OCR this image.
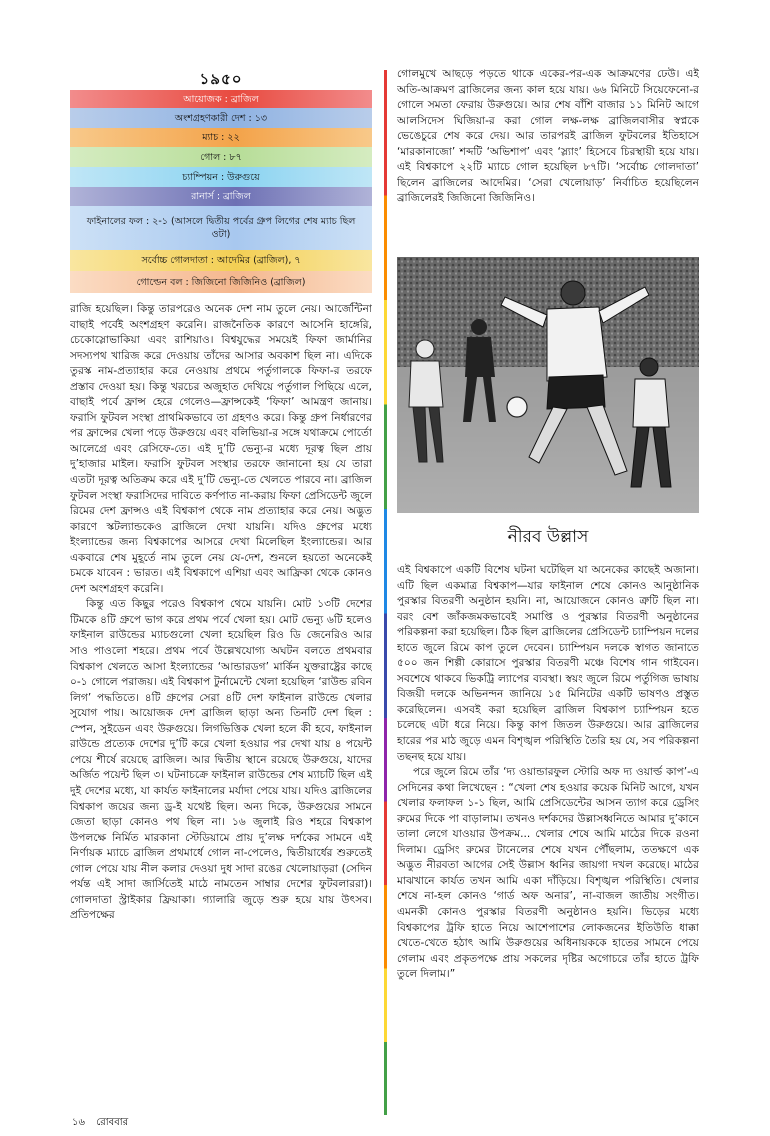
১৯৫০
আয়োজক : ব্রাজিল
অংশগ্রহণকারী দেশ : ১৩
ম্যাচ : ২২
গোল : ৮৭
চ্যাম্পিয়ন : উরুগুয়ে
রানার্স : ব্রাজিল
ফাইনালের ফল : ২-১ (আসলে দ্বিতীয় পর্বের গ্রুপ লিগের শেষ ম্যাচ ছিল ওটা)
সর্বোচ্চ গোলদাতা : আদেমির (ব্রাজিল), ৭
গোল্ডেন বল : জিজিনো জিজিনিও (ব্রাজিল)

রাজি হয়েছিল। কিন্তু তারপরেও অনেক দেশ নাম তুলে নেয়। আর্জেন্টিনা বাছাই পর্বেই অংশগ্রহণ করেনি। রাজনৈতিক কারণে আসেনি হাঙ্গেরি, চেকোস্লোভাকিয়া এবং রাশিয়াও। বিশ্বযুদ্ধের সময়েই ফিফা জার্মানির সদস্যপথ খারিজ করে দেওয়ায় তাঁদের আসার অবকাশ ছিল না। এদিকে তুরস্ক নাম-প্রত্যাহার করে নেওয়ায় প্রথমে পর্তুগালকে ফিফা-র তরফে প্রস্তাব দেওয়া হয়। কিন্তু খরচের অজুহাত দেখিয়ে পর্তুগাল পিছিয়ে এলে, বাছাই পর্বে ফ্রান্স হেরে গেলেও—ফ্রান্সকেই ‘ফিফা’ আমন্ত্রণ জানায়। ফরাসি ফুটবল সংস্থা প্রাথমিকভাবে তা গ্রহণও করে। কিন্তু গ্রুপ নির্ধারণের পর ফ্রান্সের খেলা পড়ে উরুগুয়ে এবং বলিভিয়া-র সঙ্গে যথাক্রমে পোর্তো আলেগ্রে এবং রেসিফে-তে। এই দু’টি ভেন্যু-র মধ্যে দূরত্ব ছিল প্রায় দু’হাজার মাইল। ফরাসি ফুটবল সংস্থার তরফে জানানো হয় যে তারা এতটা দূরত্ব অতিক্রম করে এই দু’টি ভেন্যু-তে খেলতে পারবে না। ব্রাজিল ফুটবল সংস্থা ফরাসিদের দাবিতে কর্ণপাত না-করায় ফিফা প্রেসিডেন্ট জুলে রিমের দেশ ফ্রান্সও এই বিশ্বকাপ থেকে নাম প্রত্যাহার করে নেয়। অদ্ভুত কারণে স্কটল্যান্ডকেও ব্রাজিলে দেখা যায়নি। যদিও গ্রুপের মধ্যে ইংল্যান্ডের জন্য বিশ্বকাপের আসরে দেখা মিলেছিল ইংল্যান্ডের। আর একবারে শেষ মুহূর্তে নাম তুলে নেয় যে-দেশ, শুনলে হয়তো অনেকেই চমকে যাবেন : ভারত। এই বিশ্বকাপে এশিয়া এবং আফ্রিকা থেকে কোনও দেশ অংশগ্রহণ করেনি।

কিন্তু এত কিছুর পরেও বিশ্বকাপ থেমে যায়নি। মোট ১৩টি দেশের টিমকে ৪টি গ্রুপে ভাগ করে প্রথম পর্বে খেলা হয়। মোট ভেন্যু ৬টি হলেও ফাইনাল রাউন্ডের ম্যাচগুলো খেলা হয়েছিল রিও ডি জেনেরিও আর সাও পাওলো শহরে। প্রথম পর্বে উল্লেখযোগ্য অঘটন বলতে প্রথমবার বিশ্বকাপ খেলতে আসা ইংল্যান্ডের ‘আন্ডারডগ’ মার্কিন যুক্তরাষ্ট্রের কাছে ০-১ গোলে পরাজয়। এই বিশ্বকাপ টুর্নামেন্টে খেলা হয়েছিল ‘রাউন্ড রবিন লিগ’ পদ্ধতিতে। ৪টি গ্রুপের সেরা ৪টি দেশ ফাইনাল রাউন্ডে খেলার সুযোগ পায়। আয়োজক দেশ ব্রাজিল ছাড়া অন্য তিনটি দেশ ছিল : স্পেন, সুইডেন এবং উরুগুয়ে। লিগভিত্তিক খেলা হলে কী হবে, ফাইনাল রাউন্ডে প্রত্যেক দেশের দু’টি করে খেলা হওয়ার পর দেখা যায় ৪ পয়েন্ট পেয়ে শীর্ষে রয়েছে ব্রাজিল। আর দ্বিতীয় স্থানে রয়েছে উরুগুয়ে, যাদের অর্জিত পয়েন্ট ছিল ৩। ঘটনাচক্রে ফাইনাল রাউন্ডের শেষ ম্যাচটি ছিল এই দুই দেশের মধ্যে, যা কার্যত ফাইনালের মর্যাদা পেয়ে যায়। যদিও ব্রাজিলের বিশ্বকাপ জয়ের জন্য ড্র-ই যথেষ্ট ছিল। অন্য দিকে, উরুগুয়ের সামনে জেতা ছাড়া কোনও পথ ছিল না। ১৬ জুলাই রিও শহরে বিশ্বকাপ উপলক্ষে নির্মিত মারকানা স্টেডিয়ামে প্রায় দু’লক্ষ দর্শকের সামনে এই নির্ণায়ক ম্যাচে ব্রাজিল প্রথমার্ধে গোল না-পেলেও, দ্বিতীয়ার্ধের শুরুতেই গোল পেয়ে যায় নীল কলার দেওয়া দুধ সাদা রঙের খেলোয়াড়রা (সেদিন পর্যন্ত এই সাদা জার্সিতেই মাঠে নামতেন সাম্বার দেশের ফুটবলাররা)। গোলদাতা স্ট্রাইকার ফ্রিয়াকা। গ্যালারি জুড়ে শুরু হয়ে যায় উৎসব। প্রতিপক্ষের

গোলমুখে আছড়ে পড়তে থাকে একের-পর-এক আক্রমণের ঢেউ। এই অতি-আক্রমণ ব্রাজিলের জন্য কাল হয়ে যায়। ৬৬ মিনিটে সিয়েফেনো-র গোলে সমতা ফেরায় উরুগুয়ে। আর শেষ বাঁশি বাজার ১১ মিনিট আগে আলসিদেস ঘিজিয়া-র করা গোল লক্ষ-লক্ষ ব্রাজিলবাসীর স্বপ্নকে ভেঙেচুরে শেষ করে দেয়। আর তারপরই ব্রাজিল ফুটবলের ইতিহাসে ‘মারকানাজো’ শব্দটি ‘অভিশাপ’ এবং ‘স্ল্যাং’ হিসেবে চিরস্থায়ী হয়ে যায়। এই বিশ্বকাপে ২২টি ম্যাচে গোল হয়েছিল ৮৭টি। ‘সর্বোচ্চ গোলদাতা’ ছিলেন ব্রাজিলের আদেমির। ‘সেরা খেলোয়াড়’ নির্বাচিত হয়েছিলেন ব্রাজিলেরই জিজিনো জিজিনিও।

নীরব উল্লাস

এই বিশ্বকাপে একটি বিশেষ ঘটনা ঘটেছিল যা অনেকের কাছেই অজানা। এটি ছিল একমাত্র বিশ্বকাপ—যার ফাইনাল শেষে কোনও আনুষ্ঠানিক পুরস্কার বিতরণী অনুষ্ঠান হয়নি। না, আয়োজনে কোনও ত্রুটি ছিল না। বরং বেশ জাঁকজমকভাবেই সমাপ্তি ও পুরস্কার বিতরণী অনুষ্ঠানের পরিকল্পনা করা হয়েছিল। ঠিক ছিল ব্রাজিলের প্রেসিডেন্ট চ্যাম্পিয়ন দলের হাতে জুলে রিমে কাপ তুলে দেবেন। চ্যাম্পিয়ন দলকে স্বাগত জানাতে ৫০০ জন শিল্পী কোরাসে পুরস্কার বিতরণী মঞ্চে বিশেষ গান গাইবেন। সবশেষে থাকবে ভিকট্রি ল্যাপের ব্যবস্থা। স্বয়ং জুলে রিমে পর্তুগিজ ভাষায় বিজয়ী দলকে অভিনন্দন জানিয়ে ১৫ মিনিটের একটি ভাষণও প্রস্তুত করেছিলেন। এসবই করা হয়েছিল ব্রাজিল বিশ্বকাপ চ্যাম্পিয়ন হতে চলেছে এটা ধরে নিয়ে। কিন্তু কাপ জিতল উরুগুয়ে। আর ব্রাজিলের হারের পর মাঠ জুড়ে এমন বিশৃঙ্খল পরিস্থিতি তৈরি হয় যে, সব পরিকল্পনা তছনছ হয়ে যায়।

পরে জুলে রিমে তাঁর ‘দ্য ওয়ান্ডারফুল স্টোরি অফ দ্য ওয়ার্ল্ড কাপ’-এ সেদিনের কথা লিখেছেন : “খেলা শেষ হওয়ার কয়েক মিনিট আগে, যখন খেলার ফলাফল ১-১ ছিল, আমি প্রেসিডেন্টের আসন ত্যাগ করে ড্রেসিং রুমের দিকে পা বাড়ালাম। তখনও দর্শকদের উল্লাসধ্বনিতে আমার দু’কানে তালা লেগে যাওয়ার উপক্রম... খেলার শেষে আমি মাঠের দিকে রওনা দিলাম। ড্রেসিং রুমের টানেলের শেষে যখন পৌঁছলাম, ততক্ষণে এক অদ্ভুত নীরবতা আগের সেই উল্লাস ধ্বনির জায়গা দখল করেছে। মাঠের মাঝখানে কার্যত তখন আমি একা দাঁড়িয়ে। বিশৃঙ্খল পরিস্থিতি। খেলার শেষে না-হল কোনও ‘গার্ড অফ অনার’, না-বাজল জাতীয় সংগীত। এমনকী কোনও পুরস্কার বিতরণী অনুষ্ঠানও হয়নি। ভিড়ের মধ্যে বিশ্বকাপের ট্রফি হাতে নিয়ে আশেপাশের লোকজনের ইতিউতি ধাক্কা খেতে-খেতে হঠাৎ আমি উরুগুয়ের অধিনায়ককে হাতের সামনে পেয়ে গেলাম এবং প্রকৃতপক্ষে প্রায় সকলের দৃষ্টির অগোচরে তাঁর হাতে ট্রফি তুলে দিলাম।”

১৬ রোববার
